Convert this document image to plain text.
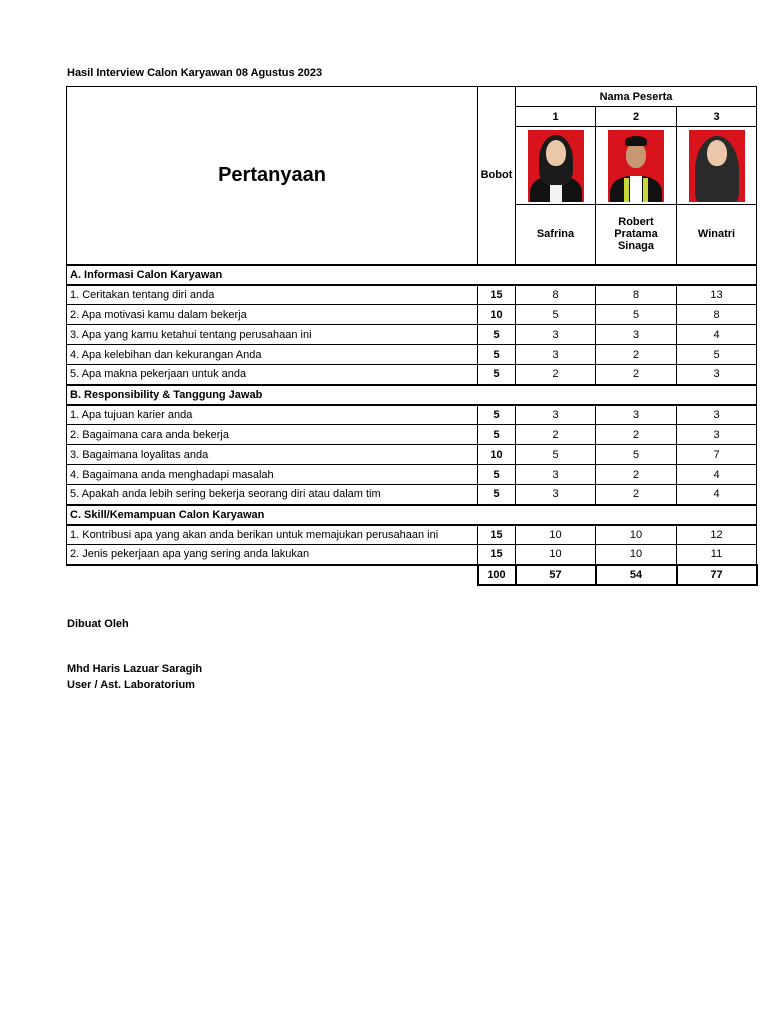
Hasil Interview Calon Karyawan 08 Agustus 2023
Pertanyaan	Bobot	Nama Peserta		
		1	2	3

		Safrina	Robert Pratama Sinaga	Winatri
A. Informasi Calon Karyawan				
1. Ceritakan tentang diri anda	15	8	8	13
2. Apa motivasi kamu dalam bekerja	10	5	5	8
3. Apa yang kamu ketahui tentang perusahaan ini	5	3	3	4
4. Apa kelebihan dan kekurangan Anda	5	3	2	5
5. Apa makna pekerjaan untuk anda	5	2	2	3
B. Responsibility & Tanggung Jawab				
1. Apa tujuan karier anda	5	3	3	3
2. Bagaimana cara anda bekerja	5	2	2	3
3. Bagaimana loyalitas anda	10	5	5	7
4. Bagaimana anda menghadapi masalah	5	3	2	4
5. Apakah anda lebih sering bekerja seorang diri atau dalam tim	5	3	2	4
C. Skill/Kemampuan Calon Karyawan				
1. Kontribusi apa yang akan anda berikan untuk memajukan perusahaan ini	15	10	10	12
2. Jenis pekerjaan apa yang sering anda lakukan	15	10	10	11
	100	57	54	77
Dibuat Oleh
Mhd Haris Lazuar Saragih
User / Ast. Laboratorium
